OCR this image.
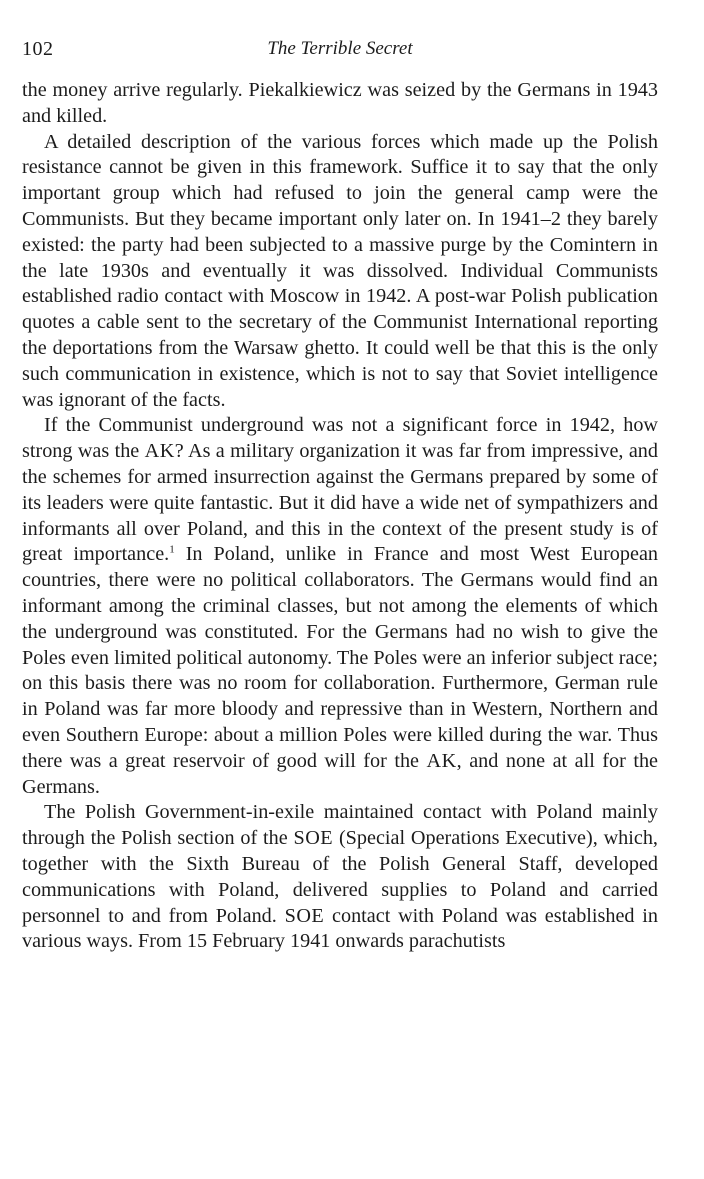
102	The Terrible Secret

the money arrive regularly. Piekalkiewicz was seized by the Germans in 1943 and killed.

A detailed description of the various forces which made up the Polish resistance cannot be given in this framework. Suffice it to say that the only important group which had refused to join the general camp were the Communists. But they became important only later on. In 1941–2 they barely existed: the party had been subjected to a massive purge by the Comintern in the late 1930s and eventually it was dissolved. Individual Communists established radio contact with Moscow in 1942. A post-war Polish publication quotes a cable sent to the secretary of the Communist International reporting the deportations from the Warsaw ghetto. It could well be that this is the only such communication in existence, which is not to say that Soviet intelligence was ignorant of the facts.

If the Communist underground was not a significant force in 1942, how strong was the AK? As a military organization it was far from impressive, and the schemes for armed insurrection against the Germans prepared by some of its leaders were quite fantastic. But it did have a wide net of sympathizers and informants all over Poland, and this in the context of the present study is of great importance.$^1$ In Poland, unlike in France and most West European countries, there were no political collaborators. The Germans would find an informant among the criminal classes, but not among the elements of which the underground was constituted. For the Germans had no wish to give the Poles even limited political autonomy. The Poles were an inferior subject race; on this basis there was no room for collaboration. Furthermore, German rule in Poland was far more bloody and repressive than in Western, Northern and even Southern Europe: about a million Poles were killed during the war. Thus there was a great reservoir of good will for the AK, and none at all for the Germans.

The Polish Government-in-exile maintained contact with Poland mainly through the Polish section of the SOE (Special Operations Executive), which, together with the Sixth Bureau of the Polish General Staff, developed communications with Poland, delivered supplies to Poland and carried personnel to and from Poland. SOE contact with Poland was established in various ways. From 15 February 1941 onwards parachutists
